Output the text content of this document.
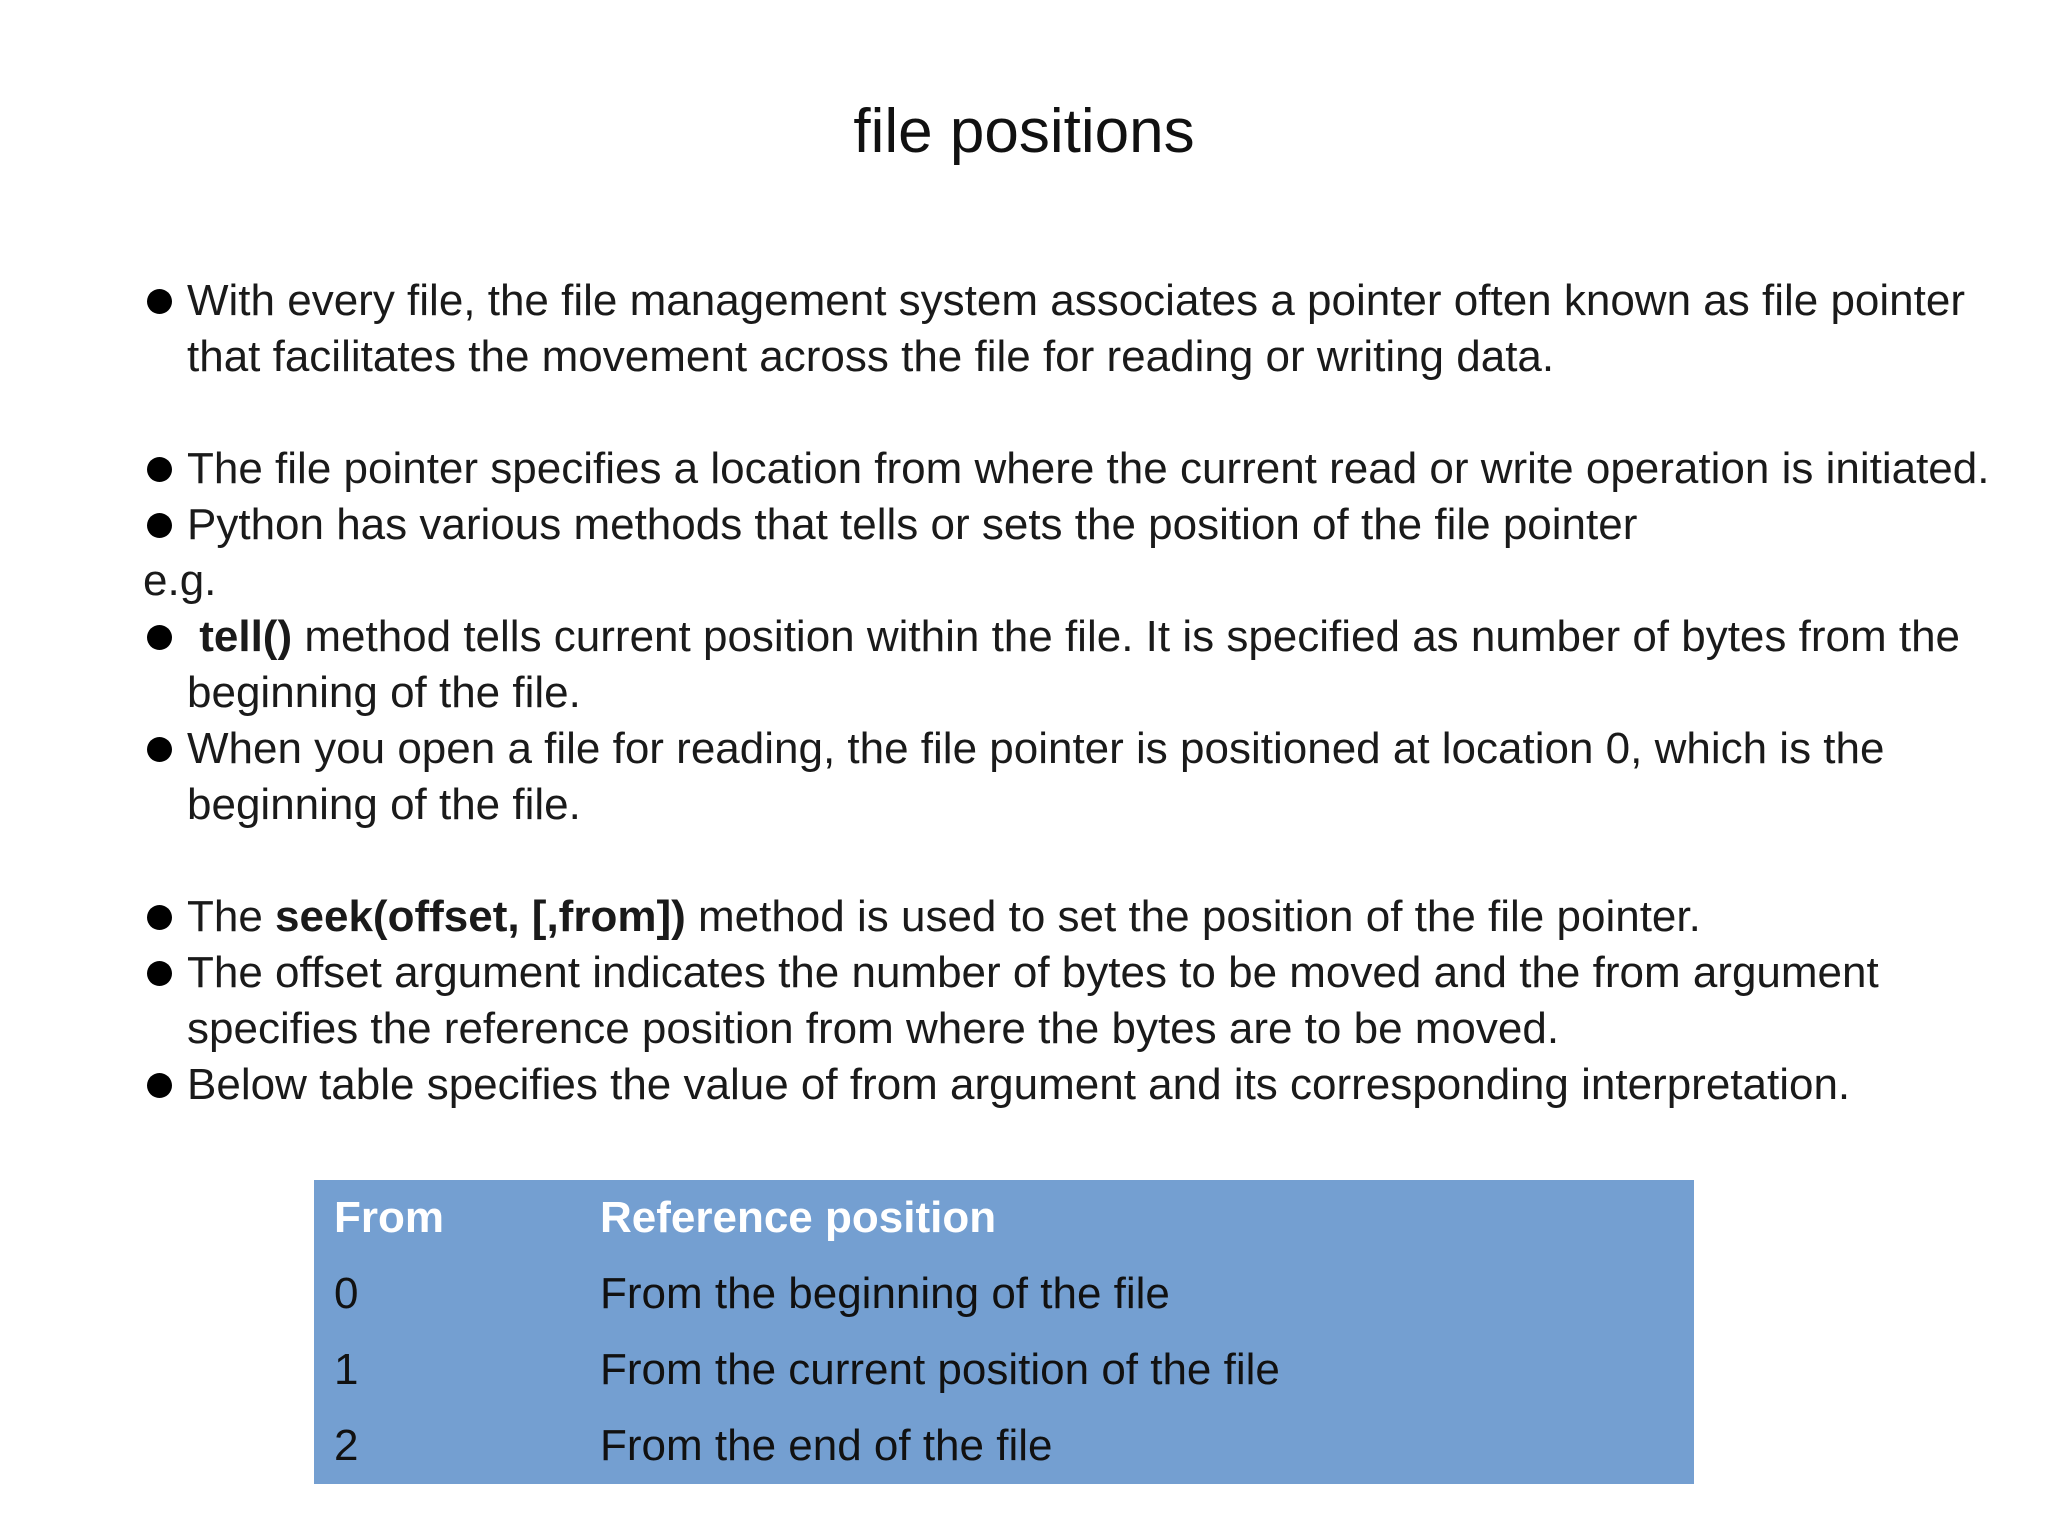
file positions

With every file, the file management system associates a pointer often known as file pointer that facilitates the movement across the file for reading or writing data.

The file pointer specifies a location from where the current read or write operation is initiated.

Python has various methods that tells or sets the position of the file pointer

e.g.

tell() method tells current position within the file. It is specified as number of bytes from the beginning of the file.

When you open a file for reading, the file pointer is positioned at location 0, which is the beginning of the file.

The seek(offset, [,from]) method is used to set the position of the file pointer.

The offset argument indicates the number of bytes to be moved and the from argument specifies the reference position from where the bytes are to be moved.

Below table specifies the value of from argument and its corresponding interpretation.

From	Reference position
0	From the beginning of the file
1	From the current position of the file
2	From the end of the file
